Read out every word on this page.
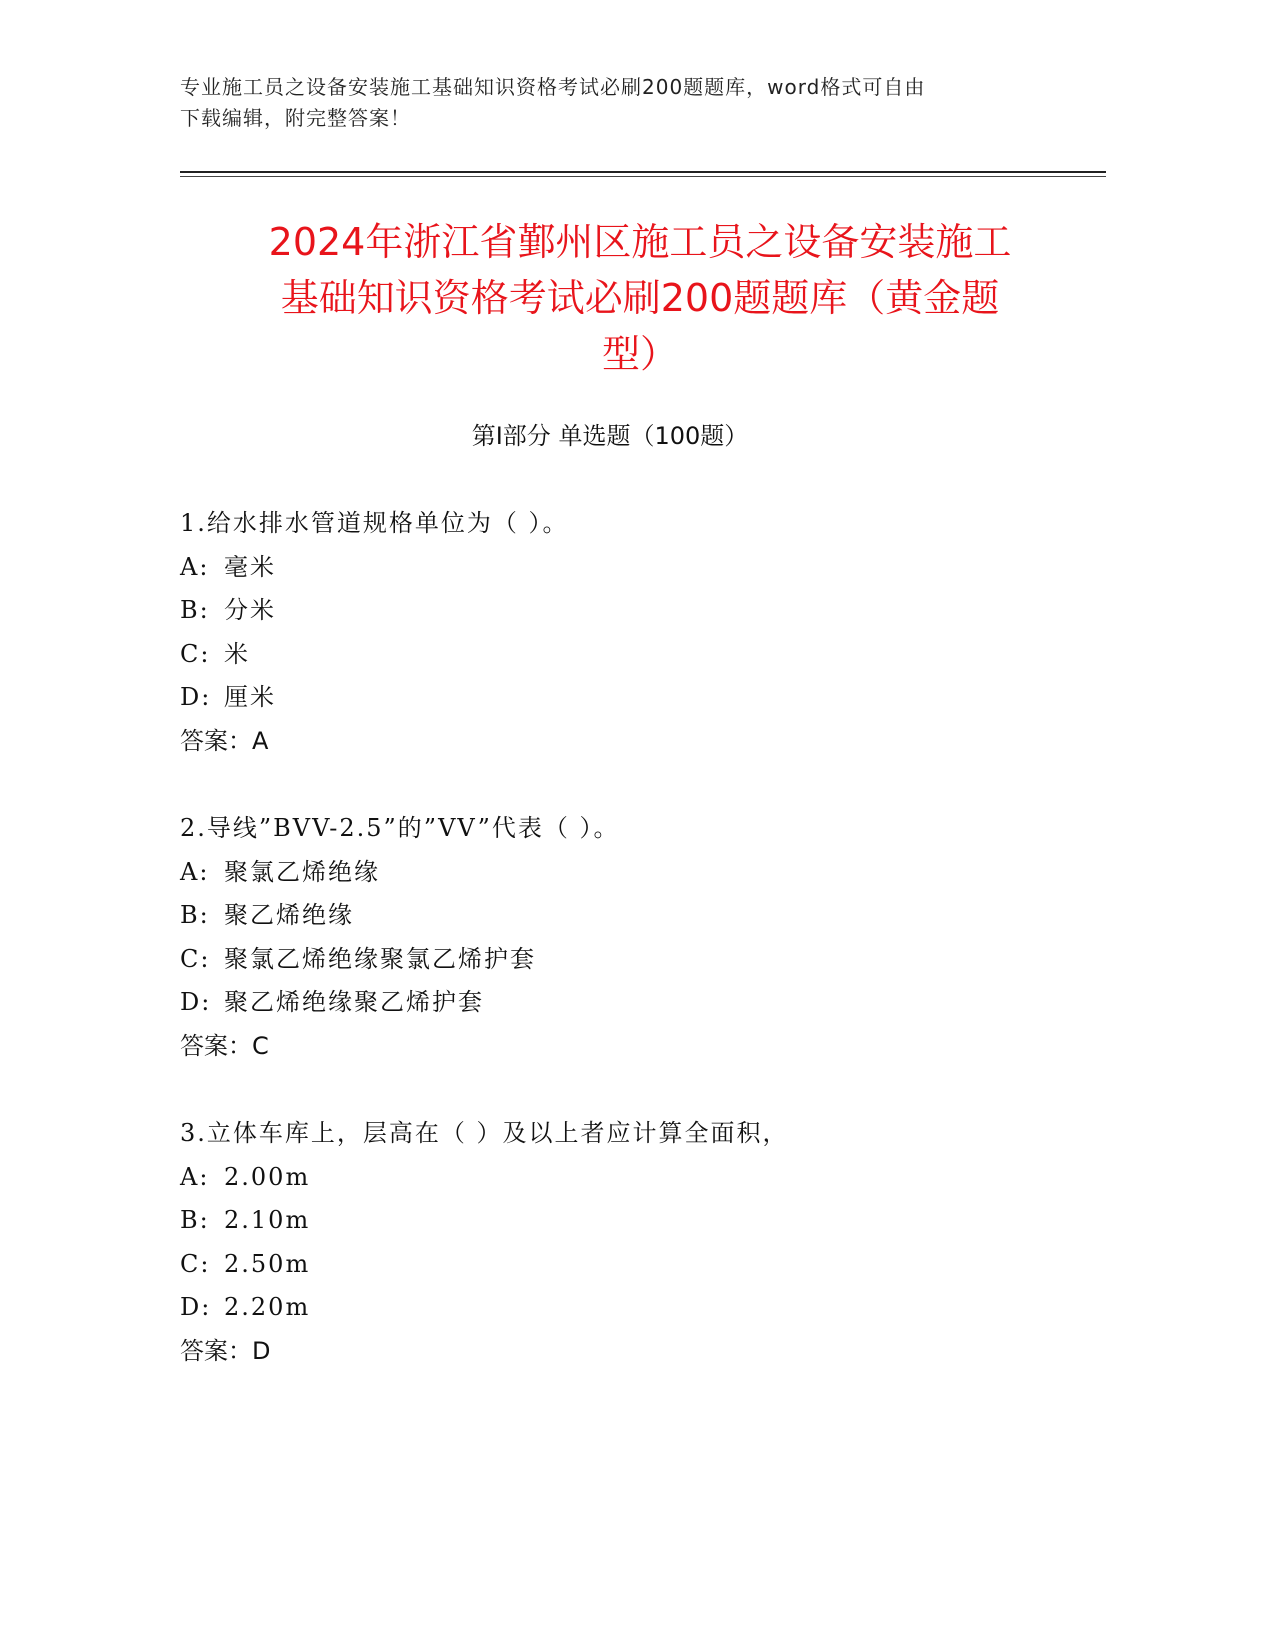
专业施工员之设备安装施工基础知识资格考试必刷200题题库，word格式可自由
下载编辑，附完整答案！
2024年浙江省鄞州区施工员之设备安装施工
基础知识资格考试必刷200题题库（黄金题
型）
第Ⅰ部分 单选题（100题）
1.给水排水管道规格单位为（ ）。
A: 毫米
B: 分米
C: 米
D: 厘米
答案：A
2.导线”BVV-2.5”的”VV”代表（ ）。
A: 聚氯乙烯绝缘
B: 聚乙烯绝缘
C: 聚氯乙烯绝缘聚氯乙烯护套
D: 聚乙烯绝缘聚乙烯护套
答案：C
3.立体车库上，层高在（ ）及以上者应计算全面积，
A: 2.00m
B: 2.10m
C: 2.50m
D: 2.20m
答案：D
